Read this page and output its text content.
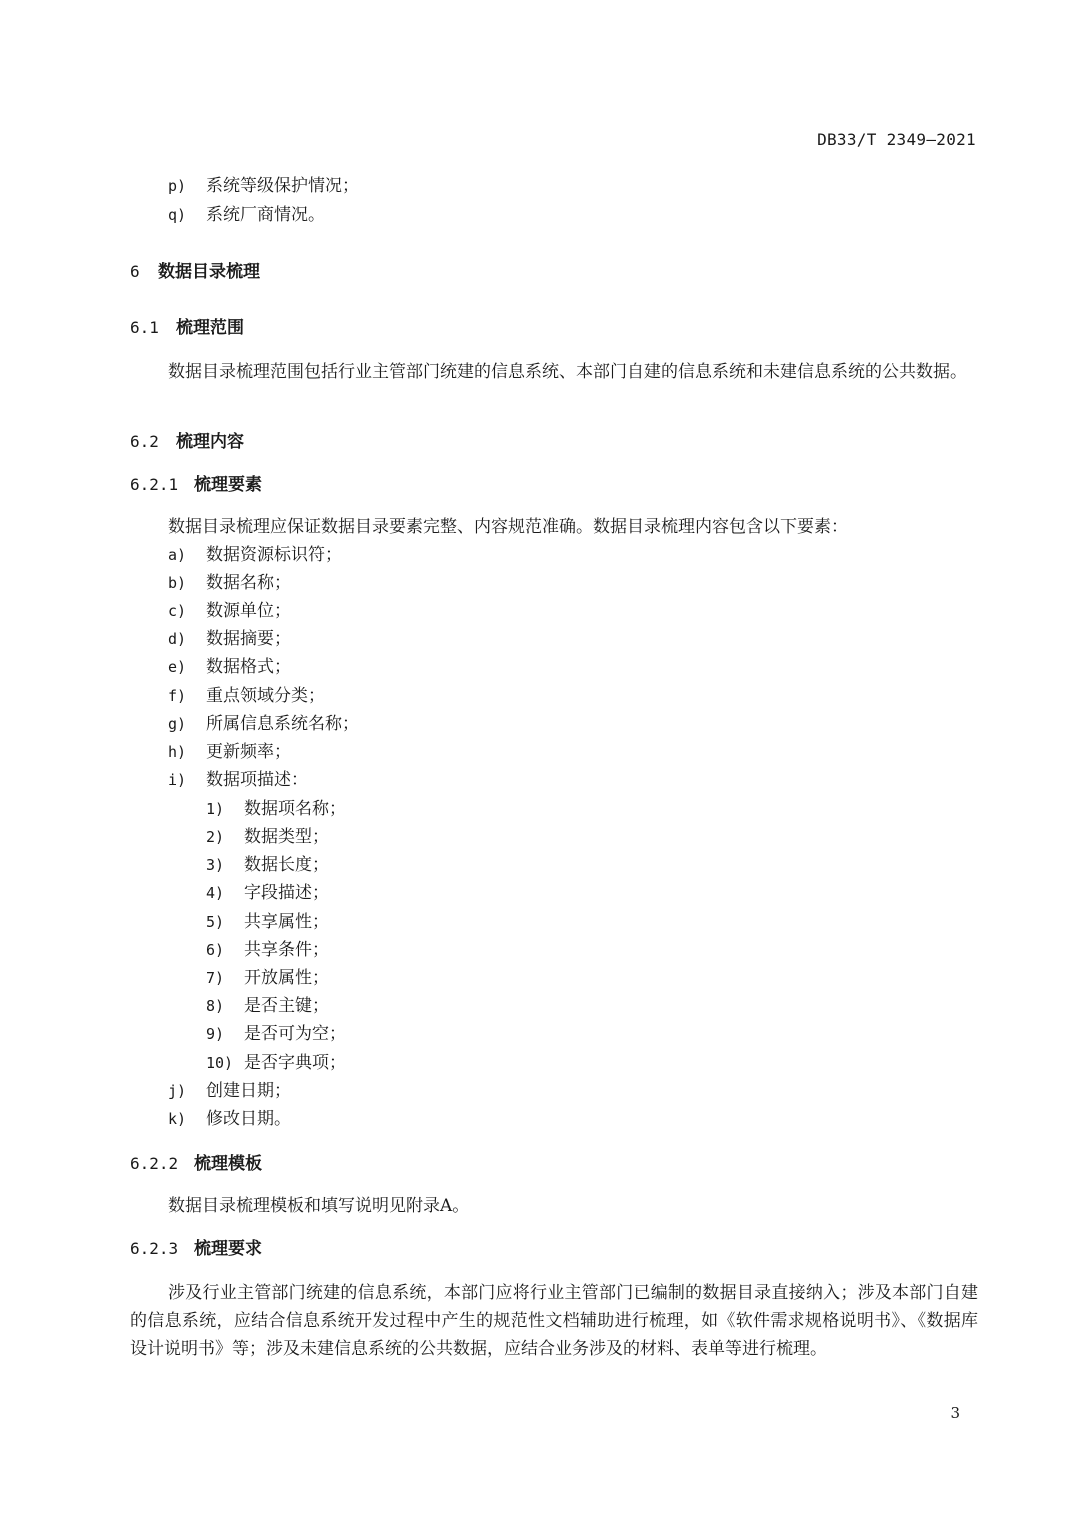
DB33/T 2349—2021
p) 系统等级保护情况；
q) 系统厂商情况。
6 数据目录梳理
6.1 梳理范围
数据目录梳理范围包括行业主管部门统建的信息系统、本部门自建的信息系统和未建信息系统的公共数据。
6.2 梳理内容
6.2.1 梳理要素
数据目录梳理应保证数据目录要素完整、内容规范准确。数据目录梳理内容包含以下要素：
a) 数据资源标识符；
b) 数据名称；
c) 数源单位；
d) 数据摘要；
e) 数据格式；
f) 重点领域分类；
g) 所属信息系统名称；
h) 更新频率；
i) 数据项描述：
1) 数据项名称；
2) 数据类型；
3) 数据长度；
4) 字段描述；
5) 共享属性；
6) 共享条件；
7) 开放属性；
8) 是否主键；
9) 是否可为空；
10) 是否字典项；
j) 创建日期；
k) 修改日期。
6.2.2 梳理模板
数据目录梳理模板和填写说明见附录A。
6.2.3 梳理要求
涉及行业主管部门统建的信息系统，本部门应将行业主管部门已编制的数据目录直接纳入；涉及本部门自建的信息系统，应结合信息系统开发过程中产生的规范性文档辅助进行梳理，如《软件需求规格说明书》、《数据库设计说明书》等；涉及未建信息系统的公共数据，应结合业务涉及的材料、表单等进行梳理。
3
